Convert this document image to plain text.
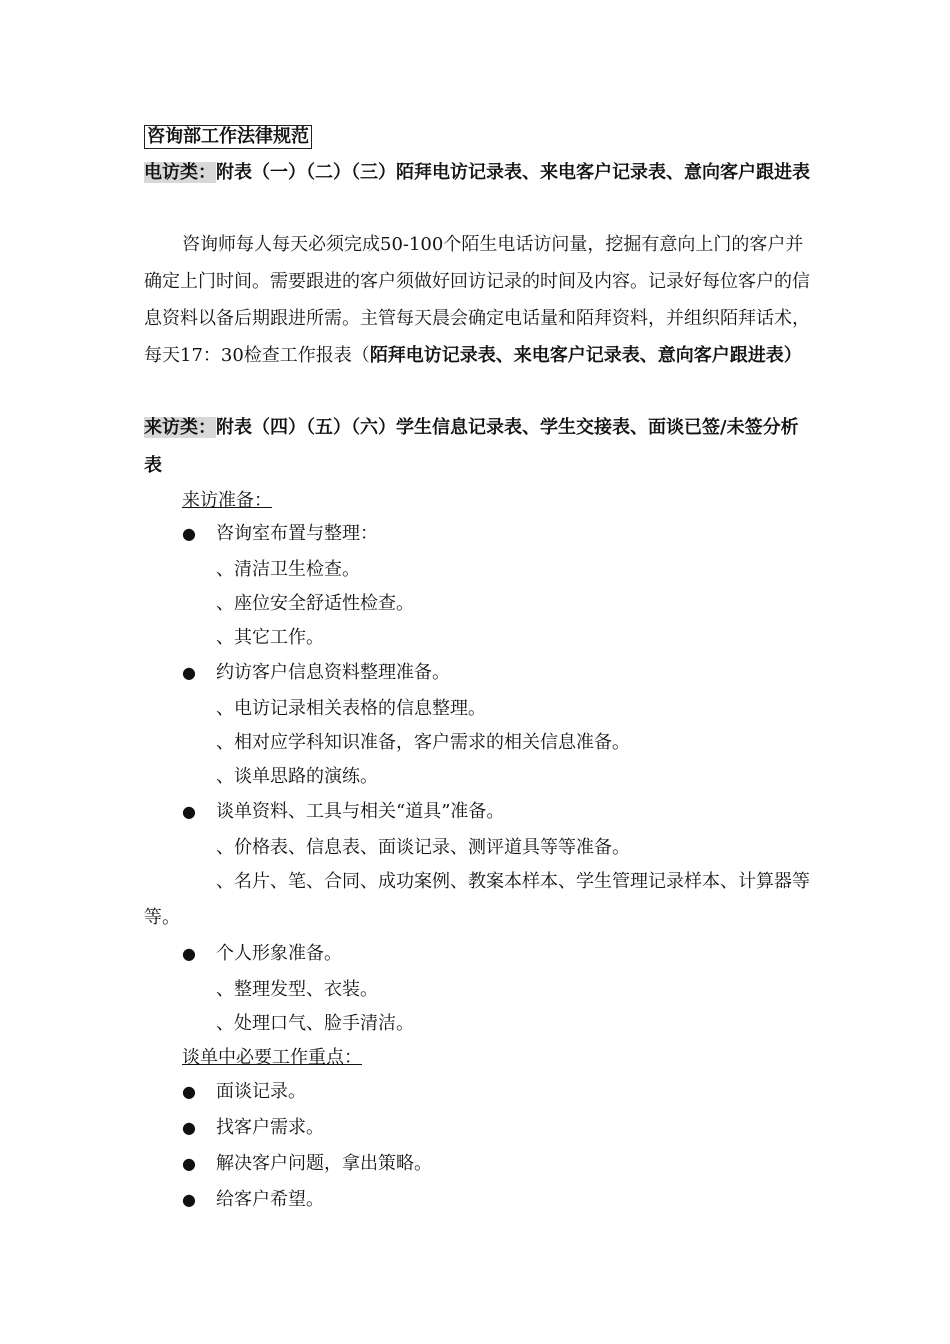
咨询部工作法律规范
电访类：附表（一）（二）（三）陌拜电访记录表、来电客户记录表、意向客户跟进表
咨询师每人每天必须完成50-100个陌生电话访问量，挖掘有意向上门的客户并确定上门时间。需要跟进的客户须做好回访记录的时间及内容。记录好每位客户的信息资料以备后期跟进所需。主管每天晨会确定电话量和陌拜资料，并组织陌拜话术，每天17：30检查工作报表（陌拜电访记录表、来电客户记录表、意向客户跟进表）
来访类：附表（四）（五）（六）学生信息记录表、学生交接表、面谈已签/未签分析表
来访准备：
● 咨询室布置与整理：
、清洁卫生检查。
、座位安全舒适性检查。
、其它工作。
● 约访客户信息资料整理准备。
、电访记录相关表格的信息整理。
、相对应学科知识准备，客户需求的相关信息准备。
、谈单思路的演练。
● 谈单资料、工具与相关“道具”准备。
、价格表、信息表、面谈记录、测评道具等等准备。
、名片、笔、合同、成功案例、教案本样本、学生管理记录样本、计算器等等。
● 个人形象准备。
、整理发型、衣装。
、处理口气、脸手清洁。
谈单中必要工作重点：
● 面谈记录。
● 找客户需求。
● 解决客户问题，拿出策略。
● 给客户希望。
